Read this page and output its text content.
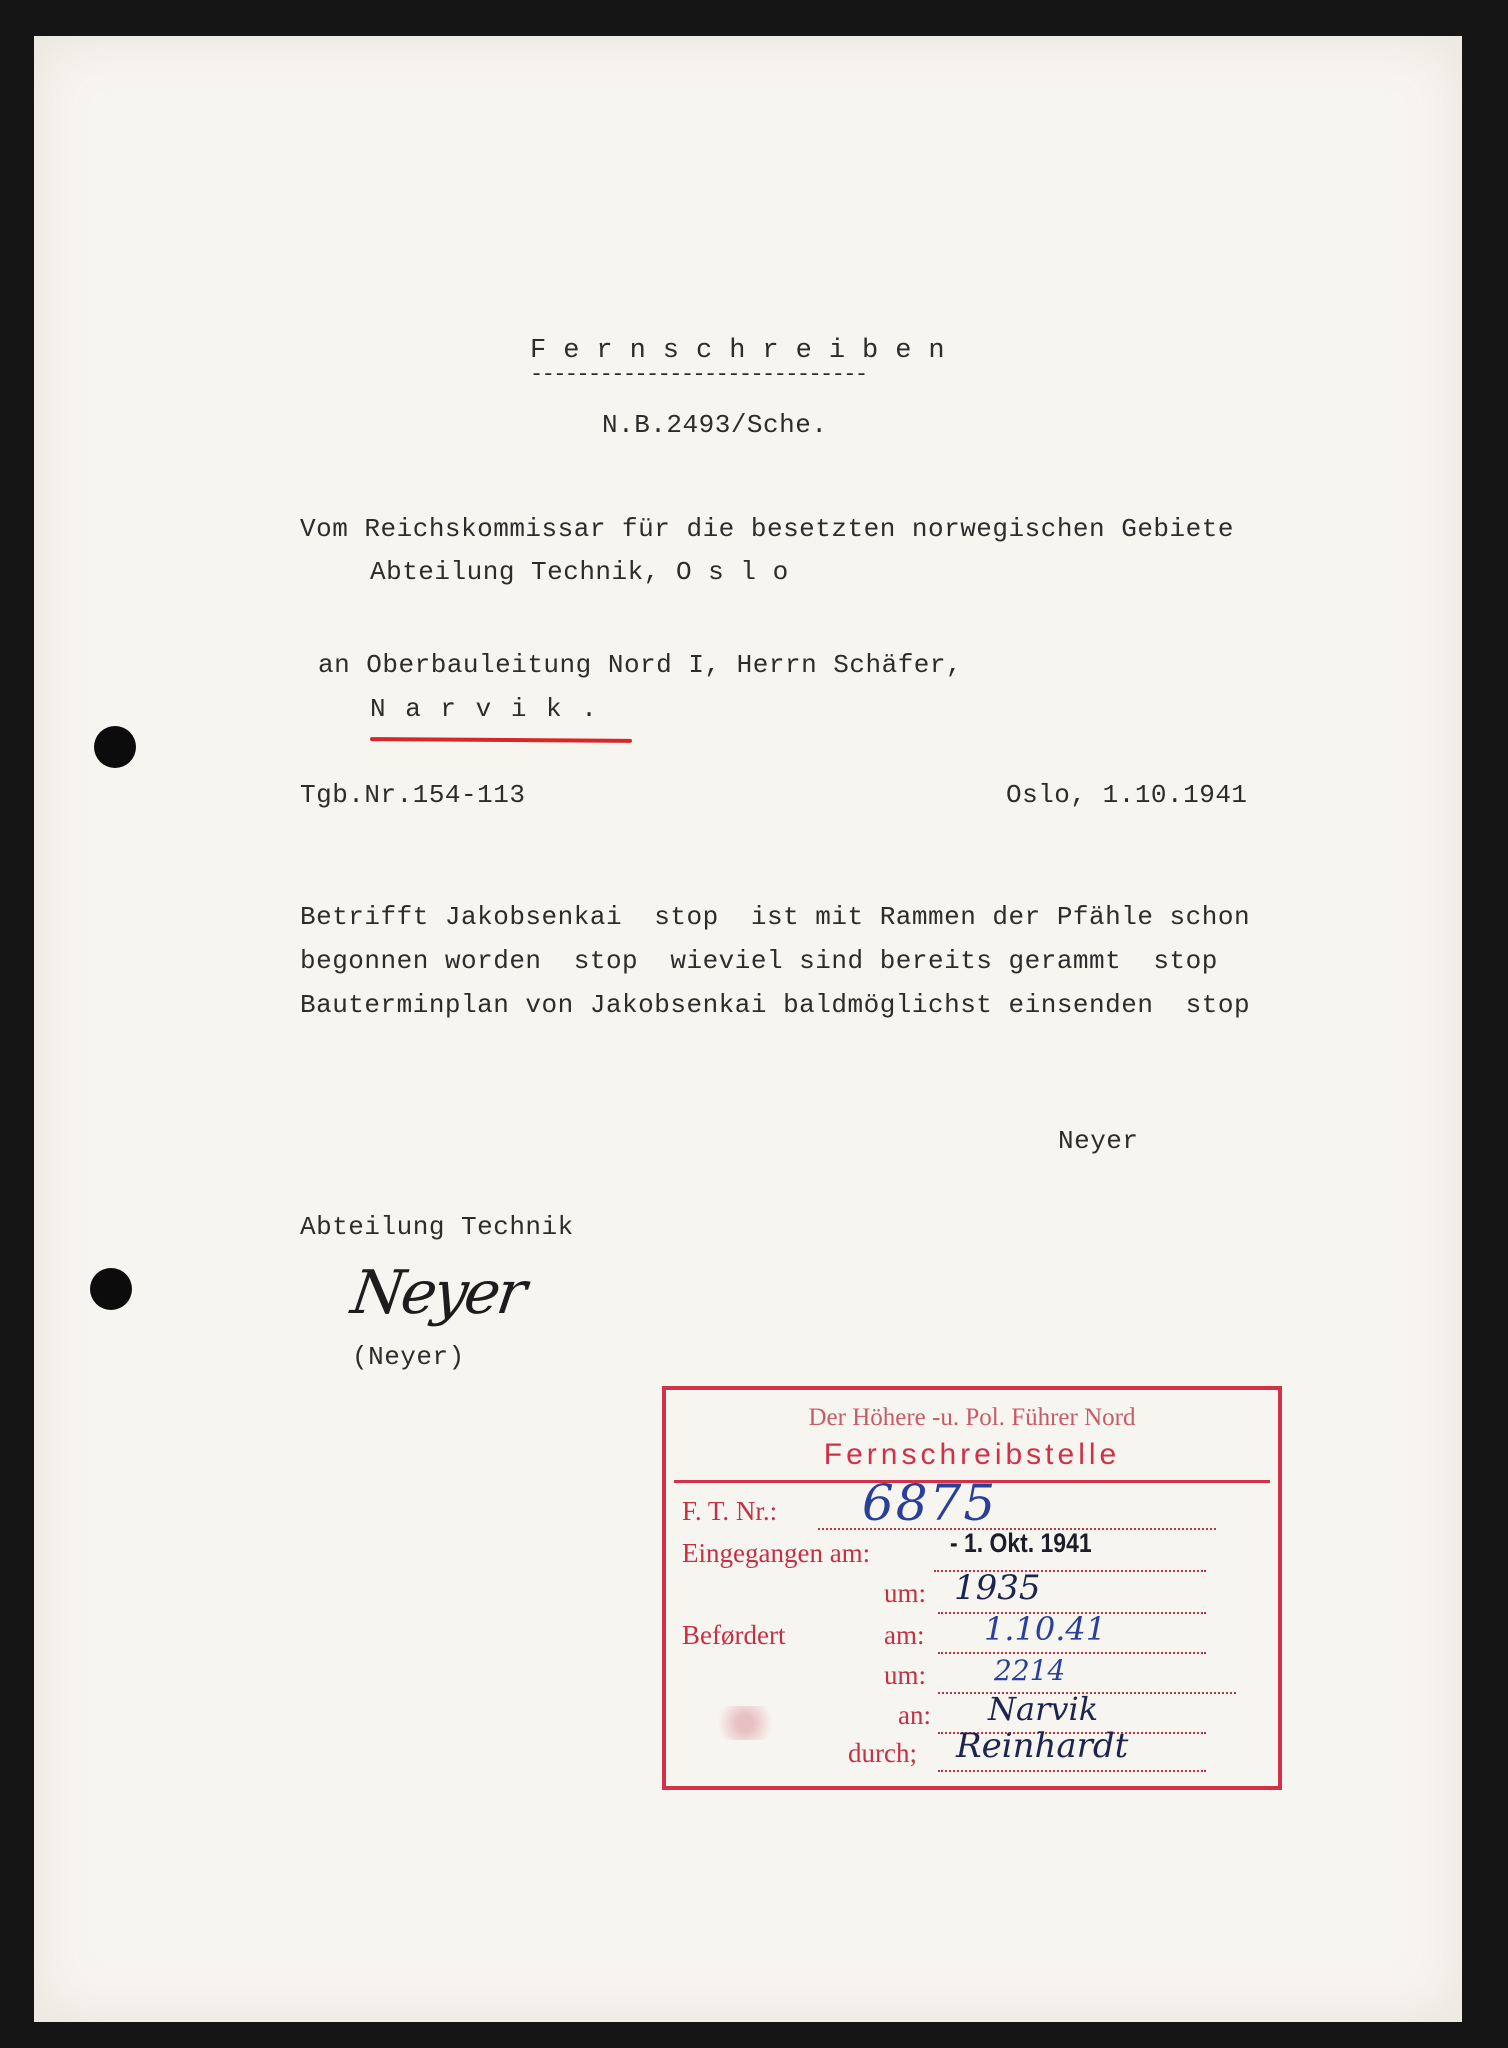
Fernschreiben
-----------------------------
N.B.2493/Sche.
Vom Reichskommissar für die besetzten norwegischen Gebiete
Abteilung Technik, O s l o
an Oberbauleitung Nord I, Herrn Schäfer,
N a r v i k .
Tgb.Nr.154-113	Oslo, 1.10.1941
Betrifft Jakobsenkai  stop  ist mit Rammen der Pfähle schon
begonnen worden  stop  wieviel sind bereits gerammt  stop
Bauterminplan von Jakobsenkai baldmöglichst einsenden  stop
Neyer
Abteilung Technik
Neyer
(Neyer)
Der Höhere -u. Pol. Führer Nord
Fernschreibstelle
F. T. Nr.: 6875
Eingegangen am:	- 1. Okt. 1941
um: 1935
Beførdert	am: 1.10.41
um: 2214
an: Narvik
durch; Reinhardt
